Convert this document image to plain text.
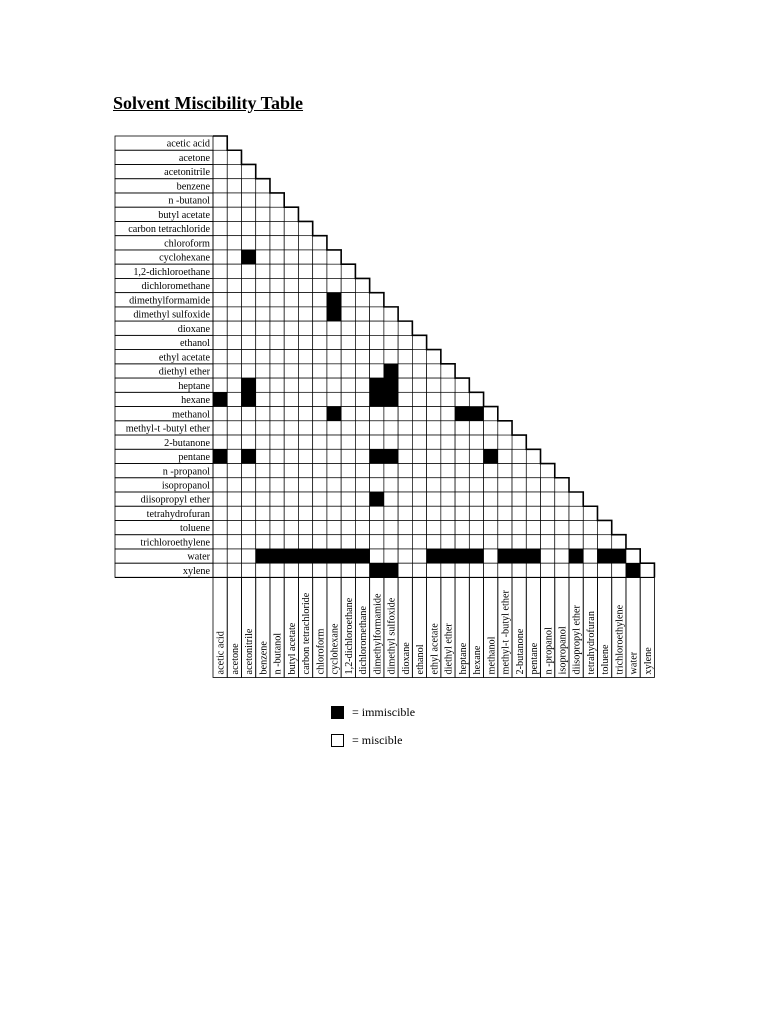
Solvent Miscibility Table
acetic acid
acetone
acetonitrile
benzene
n -butanol
butyl acetate
carbon tetrachloride
chloroform
cyclohexane
1,2-dichloroethane
dichloromethane
dimethylformamide
dimethyl sulfoxide
dioxane
ethanol
ethyl acetate
diethyl ether
heptane
hexane
methanol
methyl-t -butyl ether
2-butanone
pentane
n -propanol
isopropanol
diisopropyl ether
tetrahydrofuran
toluene
trichloroethylene
water
xylene
acetic acid acetone acetonitrile benzene n -butanol butyl acetate carbon tetrachloride chloroform cyclohexane 1,2-dichloroethane dichloromethane dimethylformamide dimethyl sulfoxide dioxane ethanol ethyl acetate diethyl ether heptane hexane methanol methyl-t -butyl ether 2-butanone pentane n -propanol isopropanol diisopropyl ether tetrahydrofuran toluene trichloroethylene water xylene
= immiscible
= miscible
